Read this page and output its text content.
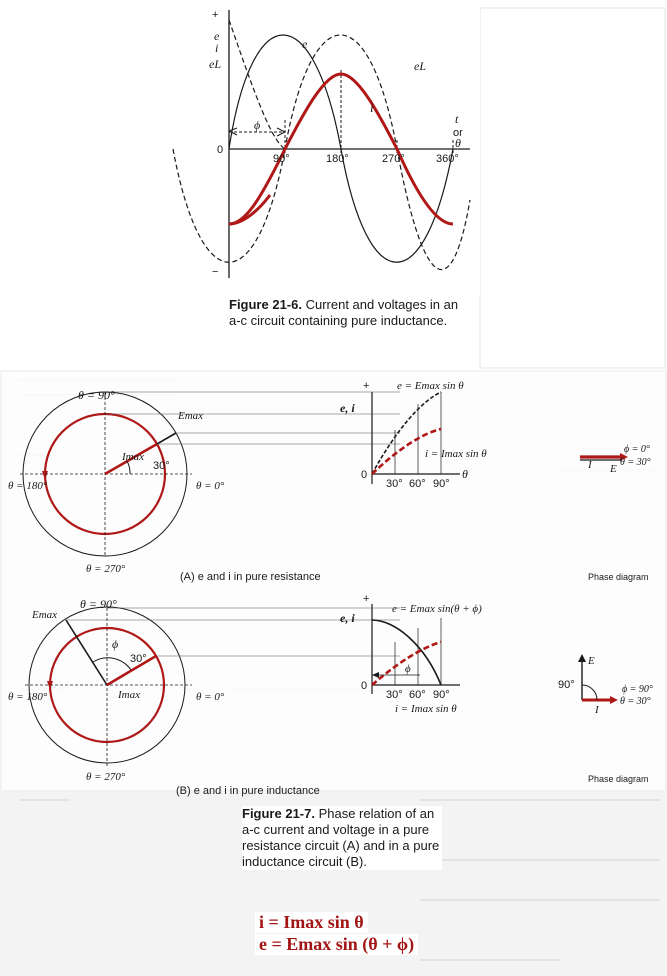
+
−
e
i
eL
e
eL
i
ϕ	t
or
θ
0
90°	180°	270°	360°
Figure 21-6. Current and voltages in an a-c circuit containing pure inductance.
θ = 90°
θ = 180°	θ = 0°
θ = 270°
Emax
Imax
30°
+
e, i
0	θ
e = Emax sin θ
i = Imax sin θ
30° 60° 90°
(A) e and i in pure resistance
I E
ϕ = 0°
θ = 30°
Phase diagram
θ = 90°
θ = 180°	θ = 0°
θ = 270°
Emax
Imax
30°
ϕ
+
e, i
0
e = Emax sin(θ + ϕ)
i = Imax sin θ
ϕ
30° 60° 90°
(B) e and i in pure inductance
E
I
90°	ϕ = 90°
θ = 30°
Phase diagram
Figure 21-7. Phase relation of an a-c current and voltage in a pure resistance circuit (A) and in a pure inductance circuit (B).
i = Imax sin θ
e = Emax sin (θ + ϕ)
